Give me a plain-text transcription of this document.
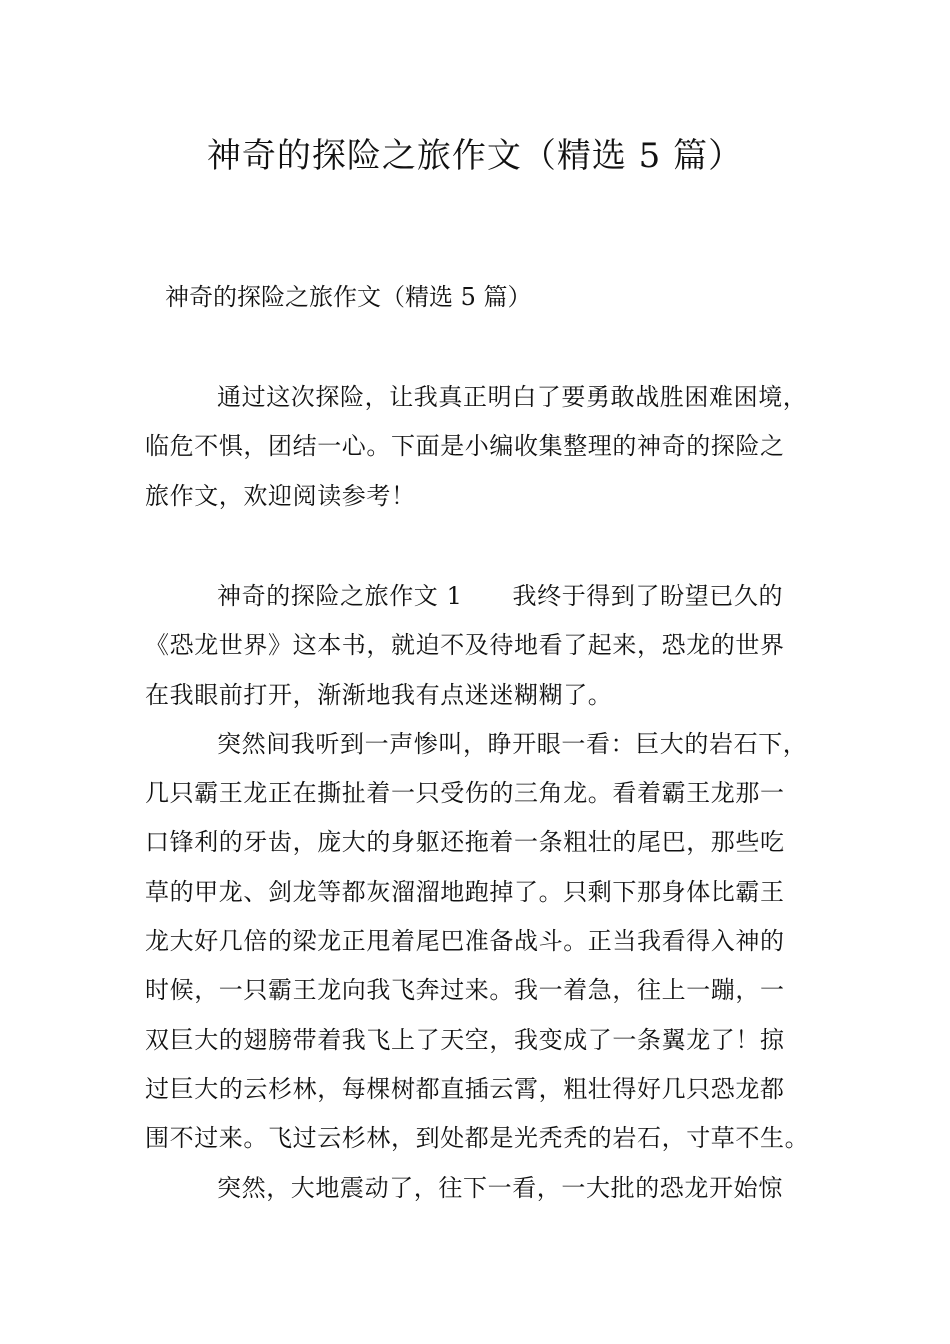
神奇的探险之旅作文（精选 5 篇）

神奇的探险之旅作文（精选 5 篇）

通过这次探险，让我真正明白了要勇敢战胜困难困境，
临危不惧，团结一心。下面是小编收集整理的神奇的探险之
旅作文，欢迎阅读参考！
神奇的探险之旅作文 1 我终于得到了盼望已久的
《恐龙世界》这本书，就迫不及待地看了起来，恐龙的世界
在我眼前打开，渐渐地我有点迷迷糊糊了。
突然间我听到一声惨叫，睁开眼一看：巨大的岩石下，
几只霸王龙正在撕扯着一只受伤的三角龙。看着霸王龙那一
口锋利的牙齿，庞大的身躯还拖着一条粗壮的尾巴，那些吃
草的甲龙、剑龙等都灰溜溜地跑掉了。只剩下那身体比霸王
龙大好几倍的梁龙正甩着尾巴准备战斗。正当我看得入神的
时候，一只霸王龙向我飞奔过来。我一着急，往上一蹦，一
双巨大的翅膀带着我飞上了天空，我变成了一条翼龙了！掠
过巨大的云杉林，每棵树都直插云霄，粗壮得好几只恐龙都
围不过来。飞过云杉林，到处都是光秃秃的岩石，寸草不生。
突然，大地震动了，往下一看，一大批的恐龙开始惊
